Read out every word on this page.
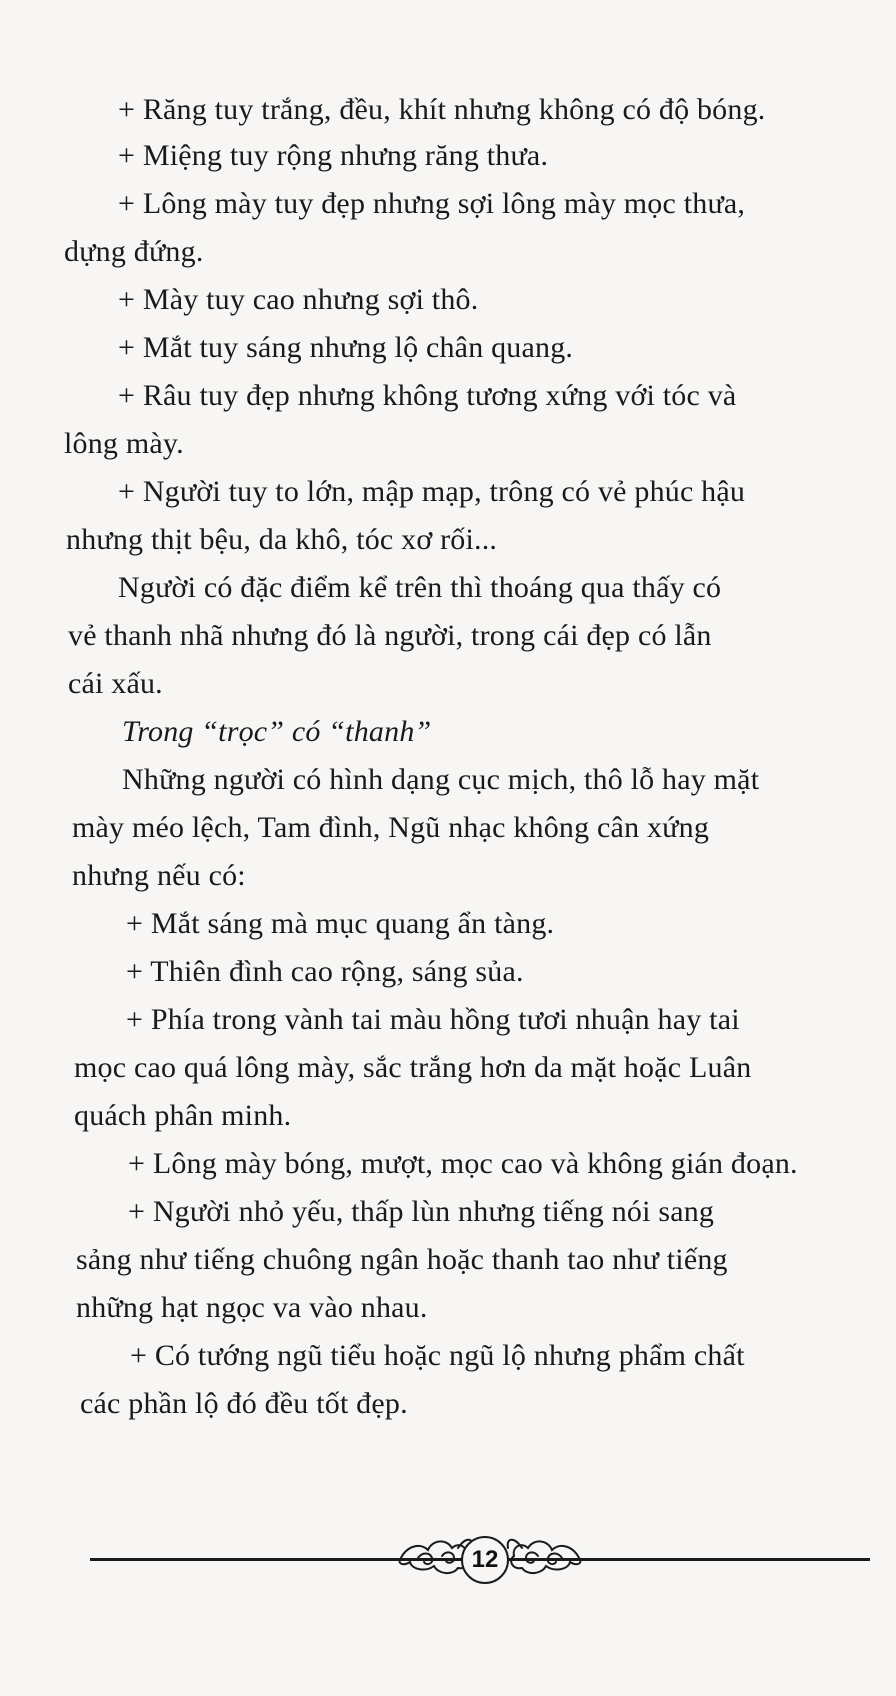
+ Răng tuy trắng, đều, khít nhưng không có độ bóng.
+ Miệng tuy rộng nhưng răng thưa.
+ Lông mày tuy đẹp nhưng sợi lông mày mọc thưa,
dựng đứng.
+ Mày tuy cao nhưng sợi thô.
+ Mắt tuy sáng nhưng lộ chân quang.
+ Râu tuy đẹp nhưng không tương xứng với tóc và
lông mày.
+ Người tuy to lớn, mập mạp, trông có vẻ phúc hậu
nhưng thịt bệu, da khô, tóc xơ rối...
Người có đặc điểm kể trên thì thoáng qua thấy có
vẻ thanh nhã nhưng đó là người, trong cái đẹp có lẫn
cái xấu.
Trong “trọc” có “thanh”
Những người có hình dạng cục mịch, thô lỗ hay mặt
mày méo lệch, Tam đình, Ngũ nhạc không cân xứng
nhưng nếu có:
+ Mắt sáng mà mục quang ẩn tàng.
+ Thiên đình cao rộng, sáng sủa.
+ Phía trong vành tai màu hồng tươi nhuận hay tai
mọc cao quá lông mày, sắc trắng hơn da mặt hoặc Luân
quách phân minh.
+ Lông mày bóng, mượt, mọc cao và không gián đoạn.
+ Người nhỏ yếu, thấp lùn nhưng tiếng nói sang
sảng như tiếng chuông ngân hoặc thanh tao như tiếng
những hạt ngọc va vào nhau.
+ Có tướng ngũ tiểu hoặc ngũ lộ nhưng phẩm chất
các phần lộ đó đều tốt đẹp.
12
